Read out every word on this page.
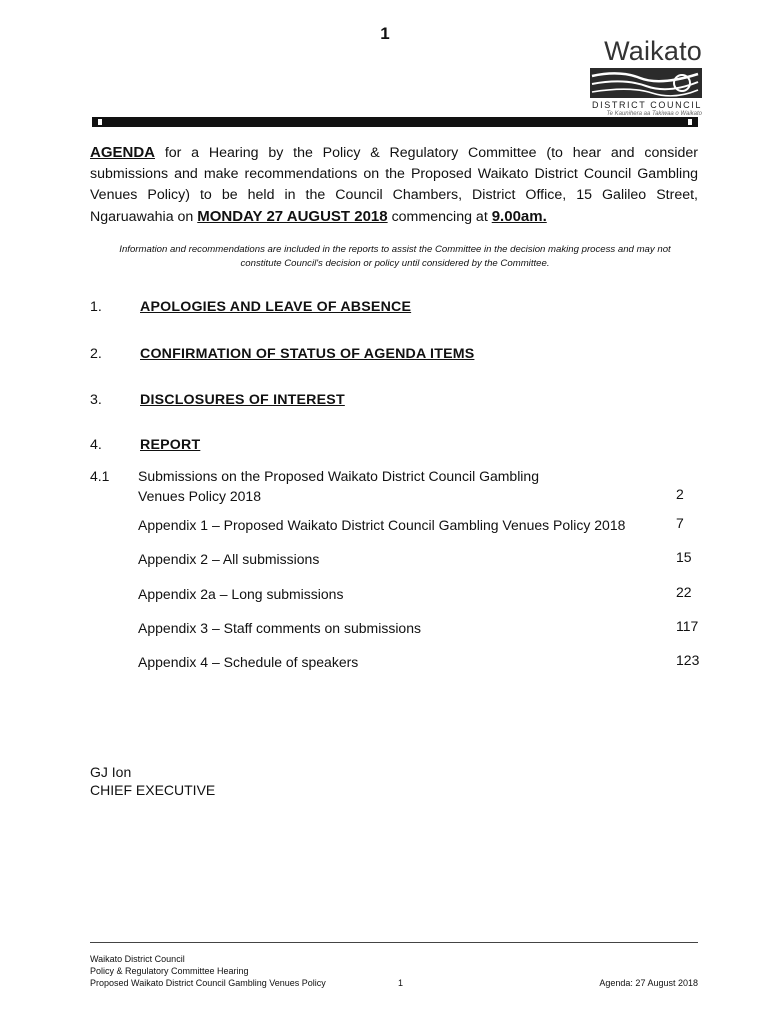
1
Waikato
DISTRICT COUNCIL
Te Kaunihera aa Takiwaa o Waikato
AGENDA for a Hearing by the Policy & Regulatory Committee (to hear and consider submissions and make recommendations on the Proposed Waikato District Council Gambling Venues Policy) to be held in the Council Chambers, District Office, 15 Galileo Street, Ngaruawahia on MONDAY 27 AUGUST 2018 commencing at 9.00am.
Information and recommendations are included in the reports to assist the Committee in the decision making process and may not constitute Council's decision or policy until considered by the Committee.
1.	APOLOGIES AND LEAVE OF ABSENCE
2.	CONFIRMATION OF STATUS OF AGENDA ITEMS
3.	DISCLOSURES OF INTEREST
4.	REPORT
4.1 Submissions on the Proposed Waikato District Council Gambling
Venues Policy 2018	2
Appendix 1 – Proposed Waikato District Council Gambling Venues Policy 2018	7
Appendix 2 – All submissions	15
Appendix 2a – Long submissions	22
Appendix 3 – Staff comments on submissions	117
Appendix 4 – Schedule of speakers	123
GJ Ion
CHIEF EXECUTIVE
Waikato District Council
Policy & Regulatory Committee Hearing
Proposed Waikato District Council Gambling Venues Policy	1	Agenda: 27 August 2018
